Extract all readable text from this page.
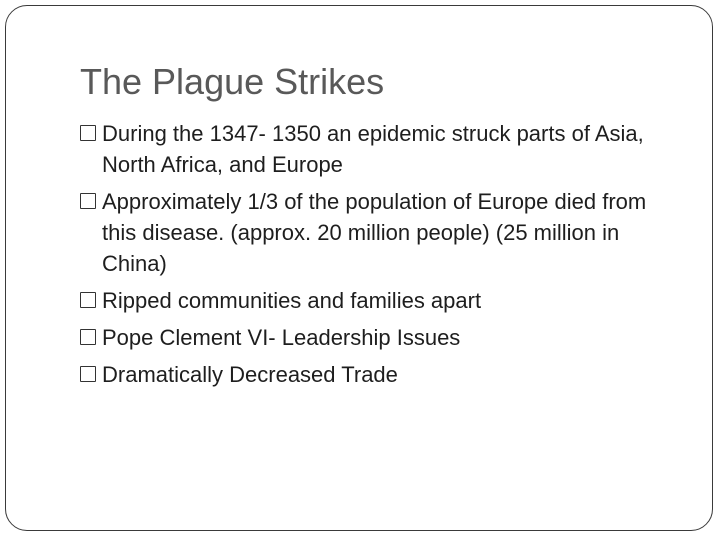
The Plague Strikes
During the 1347- 1350 an epidemic struck parts of Asia, North Africa, and Europe
Approximately 1/3 of the population of Europe died from this disease. (approx. 20 million people) (25 million in China)
Ripped communities and families apart
Pope Clement VI- Leadership Issues
Dramatically Decreased Trade
